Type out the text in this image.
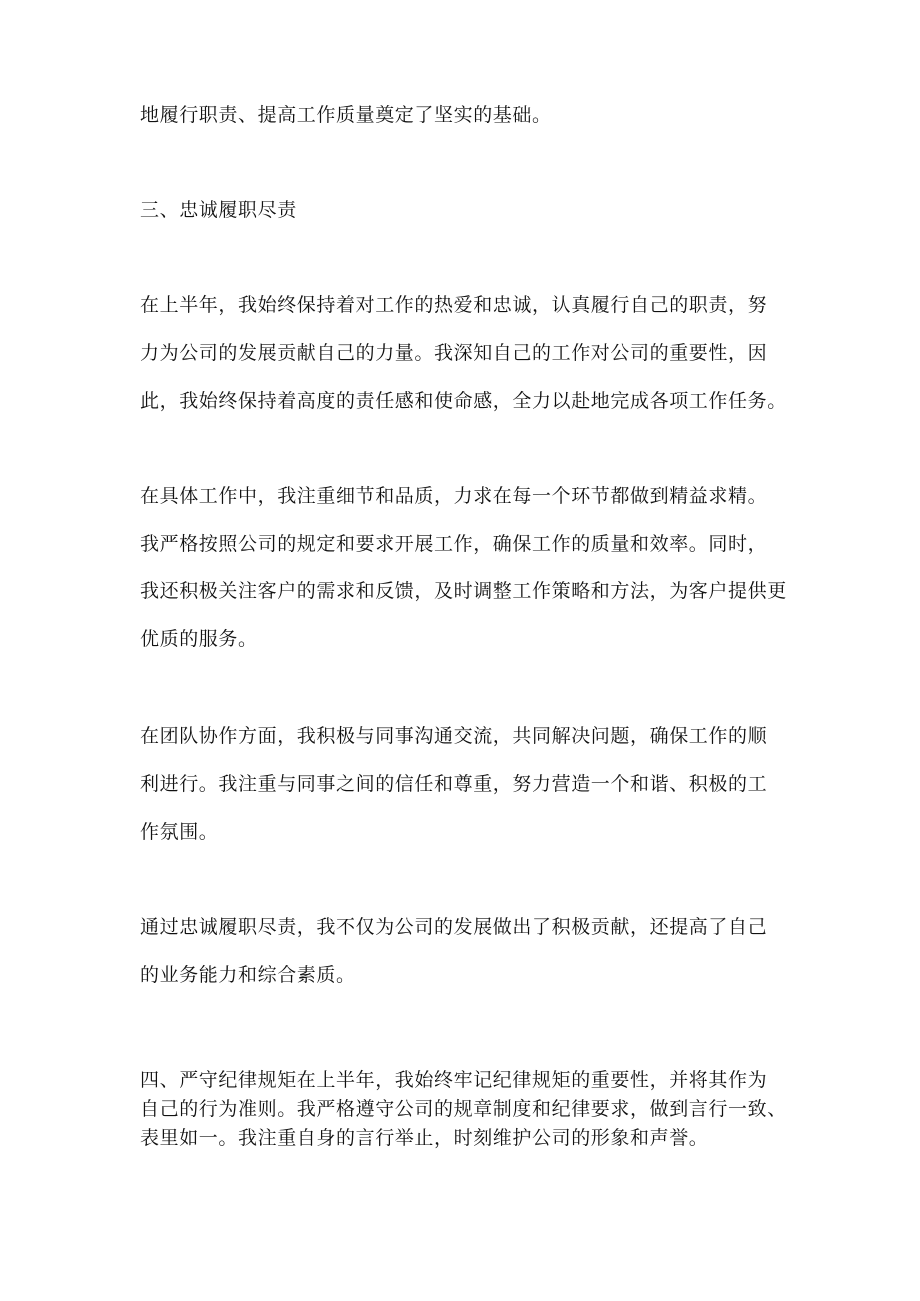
地履行职责、提高工作质量奠定了坚实的基础。

三、忠诚履职尽责

在上半年，我始终保持着对工作的热爱和忠诚，认真履行自己的职责，努

力为公司的发展贡献自己的力量。我深知自己的工作对公司的重要性，因

此，我始终保持着高度的责任感和使命感，全力以赴地完成各项工作任务。

在具体工作中，我注重细节和品质，力求在每一个环节都做到精益求精。

我严格按照公司的规定和要求开展工作，确保工作的质量和效率。同时，

我还积极关注客户的需求和反馈，及时调整工作策略和方法，为客户提供更

优质的服务。

在团队协作方面，我积极与同事沟通交流，共同解决问题，确保工作的顺

利进行。我注重与同事之间的信任和尊重，努力营造一个和谐、积极的工

作氛围。

通过忠诚履职尽责，我不仅为公司的发展做出了积极贡献，还提高了自己

的业务能力和综合素质。

四、严守纪律规矩在上半年，我始终牢记纪律规矩的重要性，并将其作为

自己的行为准则。我严格遵守公司的规章制度和纪律要求，做到言行一致、

表里如一。我注重自身的言行举止，时刻维护公司的形象和声誉。
